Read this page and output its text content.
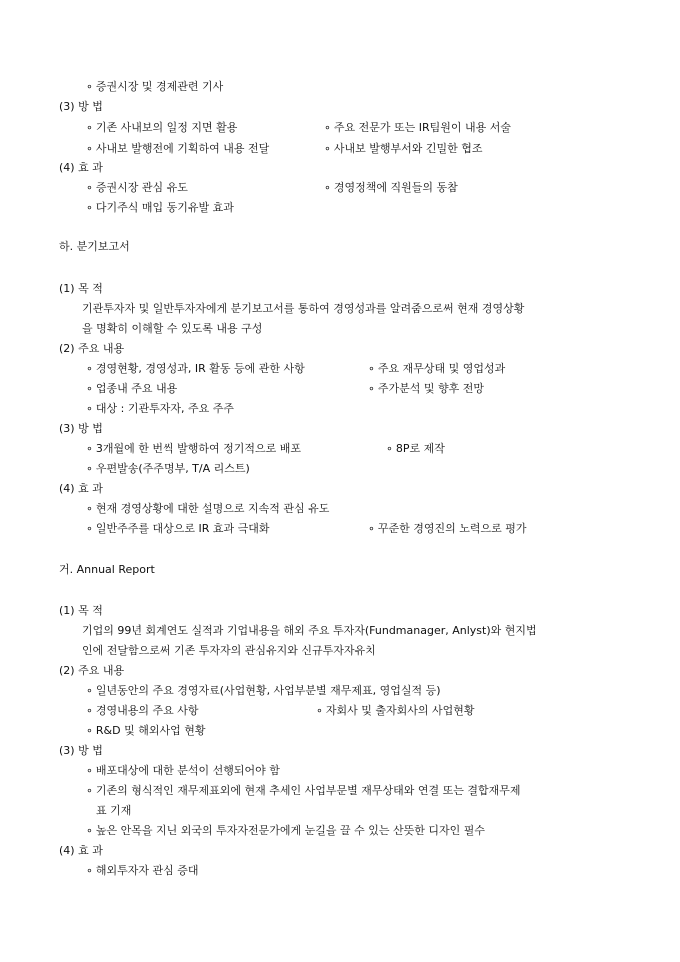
∘ 증권시장 및 경제관련 기사
(3) 방 법
∘ 기존 사내보의 일정 지면 활용	∘ 주요 전문가 또는 IR팀원이 내용 서술
∘ 사내보 발행전에 기획하여 내용 전달	∘ 사내보 발행부서와 긴밀한 협조
(4) 효 과
∘ 증권시장 관심 유도	∘ 경영정책에 직원들의 동참
∘ 다기주식 매입 동기유발 효과
하. 분기보고서
(1) 목 적
기관투자자 및 일반투자자에게 분기보고서를 통하여 경영성과를 알려줌으로써 현재 경영상황
을 명확히 이해할 수 있도록 내용 구성
(2) 주요 내용
∘ 경영현황, 경영성과, IR 활동 등에 관한 사항	∘ 주요 재무상태 및 영업성과
∘ 업종내 주요 내용	∘ 주가분석 및 향후 전망
∘ 대상 : 기관투자자, 주요 주주
(3) 방 법
∘ 3개월에 한 번씩 발행하여 정기적으로 배포	∘ 8P로 제작
∘ 우편발송(주주명부, T/A 리스트)
(4) 효 과
∘ 현재 경영상황에 대한 설명으로 지속적 관심 유도
∘ 일반주주를 대상으로 IR 효과 극대화	∘ 꾸준한 경영진의 노력으로 평가
거. Annual Report
(1) 목 적
기업의 99년 회계연도 실적과 기업내용을 해외 주요 투자자(Fundmanager, Anlyst)와 현지법
인에 전달함으로써 기존 투자자의 관심유지와 신규투자자유치
(2) 주요 내용
∘ 일년동안의 주요 경영자료(사업현황, 사업부분별 재무제표, 영업실적 등)
∘ 경영내용의 주요 사항	∘ 자회사 및 출자회사의 사업현황
∘ R&D 및 해외사업 현황
(3) 방 법
∘ 배포대상에 대한 분석이 선행되어야 함
∘ 기존의 형식적인 재무제표외에 현재 추세인 사업부문별 재무상태와 연결 또는 결합재무제
표 기재
∘ 높은 안목을 지닌 외국의 투자자전문가에게 눈길을 끌 수 있는 산뜻한 디자인 필수
(4) 효 과
∘ 해외투자자 관심 증대
